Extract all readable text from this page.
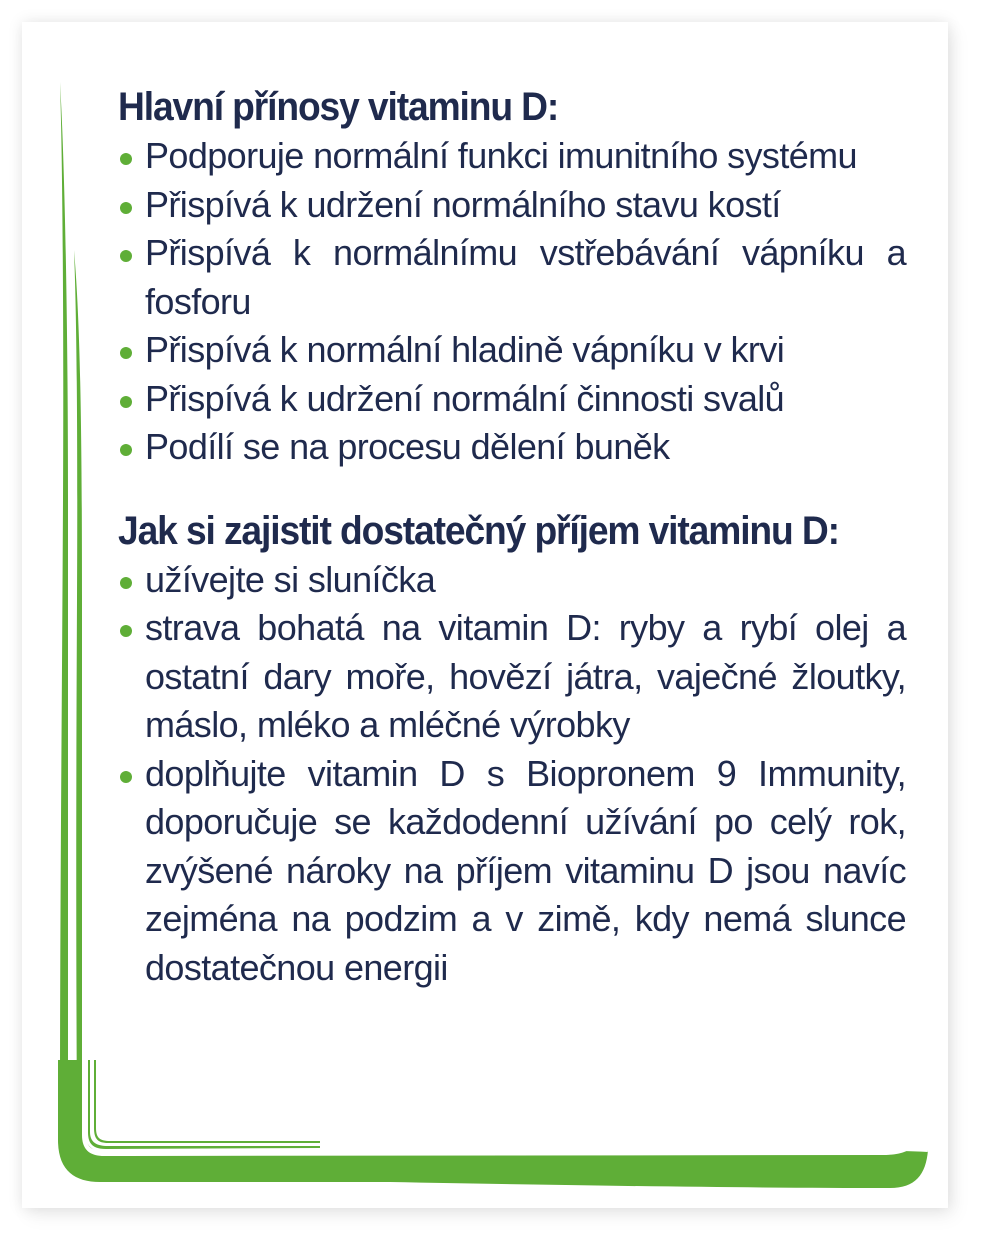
Hlavní přínosy vitaminu D:
Podporuje normální funkci imunitního systému
Přispívá k udržení normálního stavu kostí
Přispívá k normálnímu vstřebávání vápníku a fosforu
Přispívá k normální hladině vápníku v krvi
Přispívá k udržení normální činnosti svalů
Podílí se na procesu dělení buněk
Jak si zajistit dostatečný příjem vitaminu D:
užívejte si sluníčka
strava bohatá na vitamin D: ryby a rybí olej a ostatní dary moře, hovězí játra, vaječné žloutky, máslo, mléko a mléčné výrobky
doplňujte vitamin D s Biopronem 9 Immunity, doporučuje se každodenní užívání po celý rok, zvýšené nároky na příjem vitaminu D jsou navíc zejména na podzim a v zimě, kdy nemá slunce dostatečnou energii
